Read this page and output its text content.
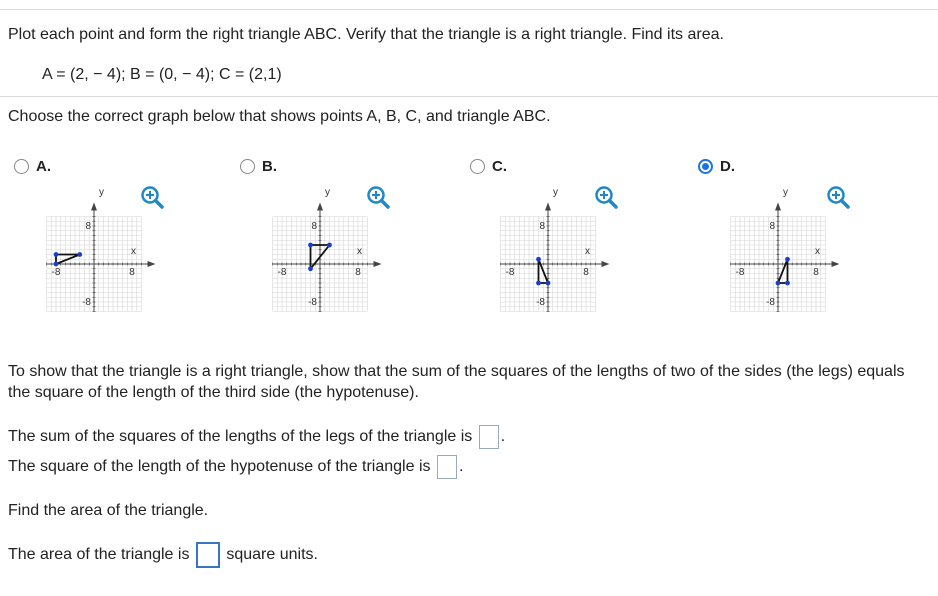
Plot each point and form the right triangle ABC. Verify that the triangle is a right triangle. Find its area.
A = (2, − 4); B = (0, − 4); C = (2,1)
Choose the correct graph below that shows points A, B, C, and triangle ABC.
A.	B.	C.	D.
y
x
8
-8
-8	8
y
x
8
-8
-8	8
y
x
8
-8
-8	8
y
x
8
-8
-8	8
To show that the triangle is a right triangle, show that the sum of the squares of the lengths of two of the sides (the legs) equals the square of the length of the third side (the hypotenuse).
The sum of the squares of the lengths of the legs of the triangle is .
The square of the length of the hypotenuse of the triangle is .
Find the area of the triangle.
The area of the triangle is square units.
